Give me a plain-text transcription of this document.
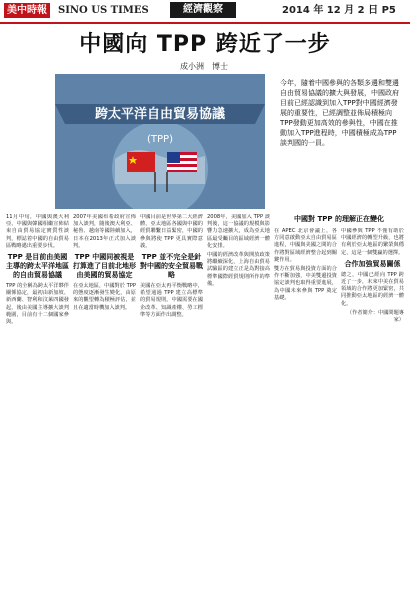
美中時報	SINO US TIMES	經濟觀察	2014 年 12 月 2 日 P5
中國向 TPP 跨近了一步
成小洲　博士
跨太平洋自由貿易協議
(TPP)
今年，隨着中國參與的各類多邊和雙邊自由貿易協議的擴大與發展，中國政府目前已經認識到加入TPP對中國經濟發展的重要性，已經調整並佈局積極向TPP發動更加高效的參與性，中國在推動加入TPP進程時，中國積極成為TPP談判國的一員。

11月中旬，中國與澳大利亞、中國與韓國相繼宣佈結束自由貿易協定實質性談判，標誌着中國的自由貿易區戰略邁出重要步伐。

TPP 是目前由美國主導的跨太平洋地區的自由貿易協議

TPP 的全稱為跨太平洋夥伴關係協定，最初由新加坡、新西蘭、智利和汶萊四國發起，後由美國主導擴大談判範圍，目前有十二個國家參與。

2007年美國布希政府宣佈加入談判，隨後澳大利亞、秘魯、越南等國陸續加入，日本在2013年正式加入談判。

TPP 中國同被視是打算進了目前北地形由美國的貿易協定

在亞太地區，中國對於 TPP 的態度逐漸發生變化，由原來的觀望轉為積極評估，並且在適當時機加入談判。

中國目前是世界第二大經濟體，亞太地區各國與中國的經貿聯繫日益緊密，中國的參與將使 TPP 更具實際意義。

TPP 並不完全是針對中國的安全貿易戰略

美國在亞太再平衡戰略中，希望通過 TPP 建立高標準的貿易規則，中國需要在國企改革、知識產權、勞工標準等方面作出調整。

2008年，美國加入 TPP 談判後，這一協議的規模與影響力急速擴大，成為亞太地區最受矚目的區域經濟一體化安排。

中國的經濟改革與開放政策將繼續深化，上海自由貿易試驗區的建立正是為對接高標準國際經貿規則所作的準備。

中國對 TPP 的理解正在變化

在 APEC 北京會議上，各方同意啟動亞太自由貿易區進程，中國與美國之間的合作將對區域經濟整合起到關鍵作用。

雙方在貿易與投資方面的合作不斷加強，中美雙邊投資協定談判也取得重要進展，為中國未來參與 TPP 奠定基礎。

中國參與 TPP 不僅有助於中國經濟的轉型升級，也將有利於亞太地區的繁榮與穩定，這是一個雙贏的選擇。

合作加強貿易關係

總之，中國已經向 TPP 跨近了一步，未來中美在貿易領域的合作將更加緊密，共同推動亞太地區的經濟一體化。

（作者簡介：中國問題專家）
